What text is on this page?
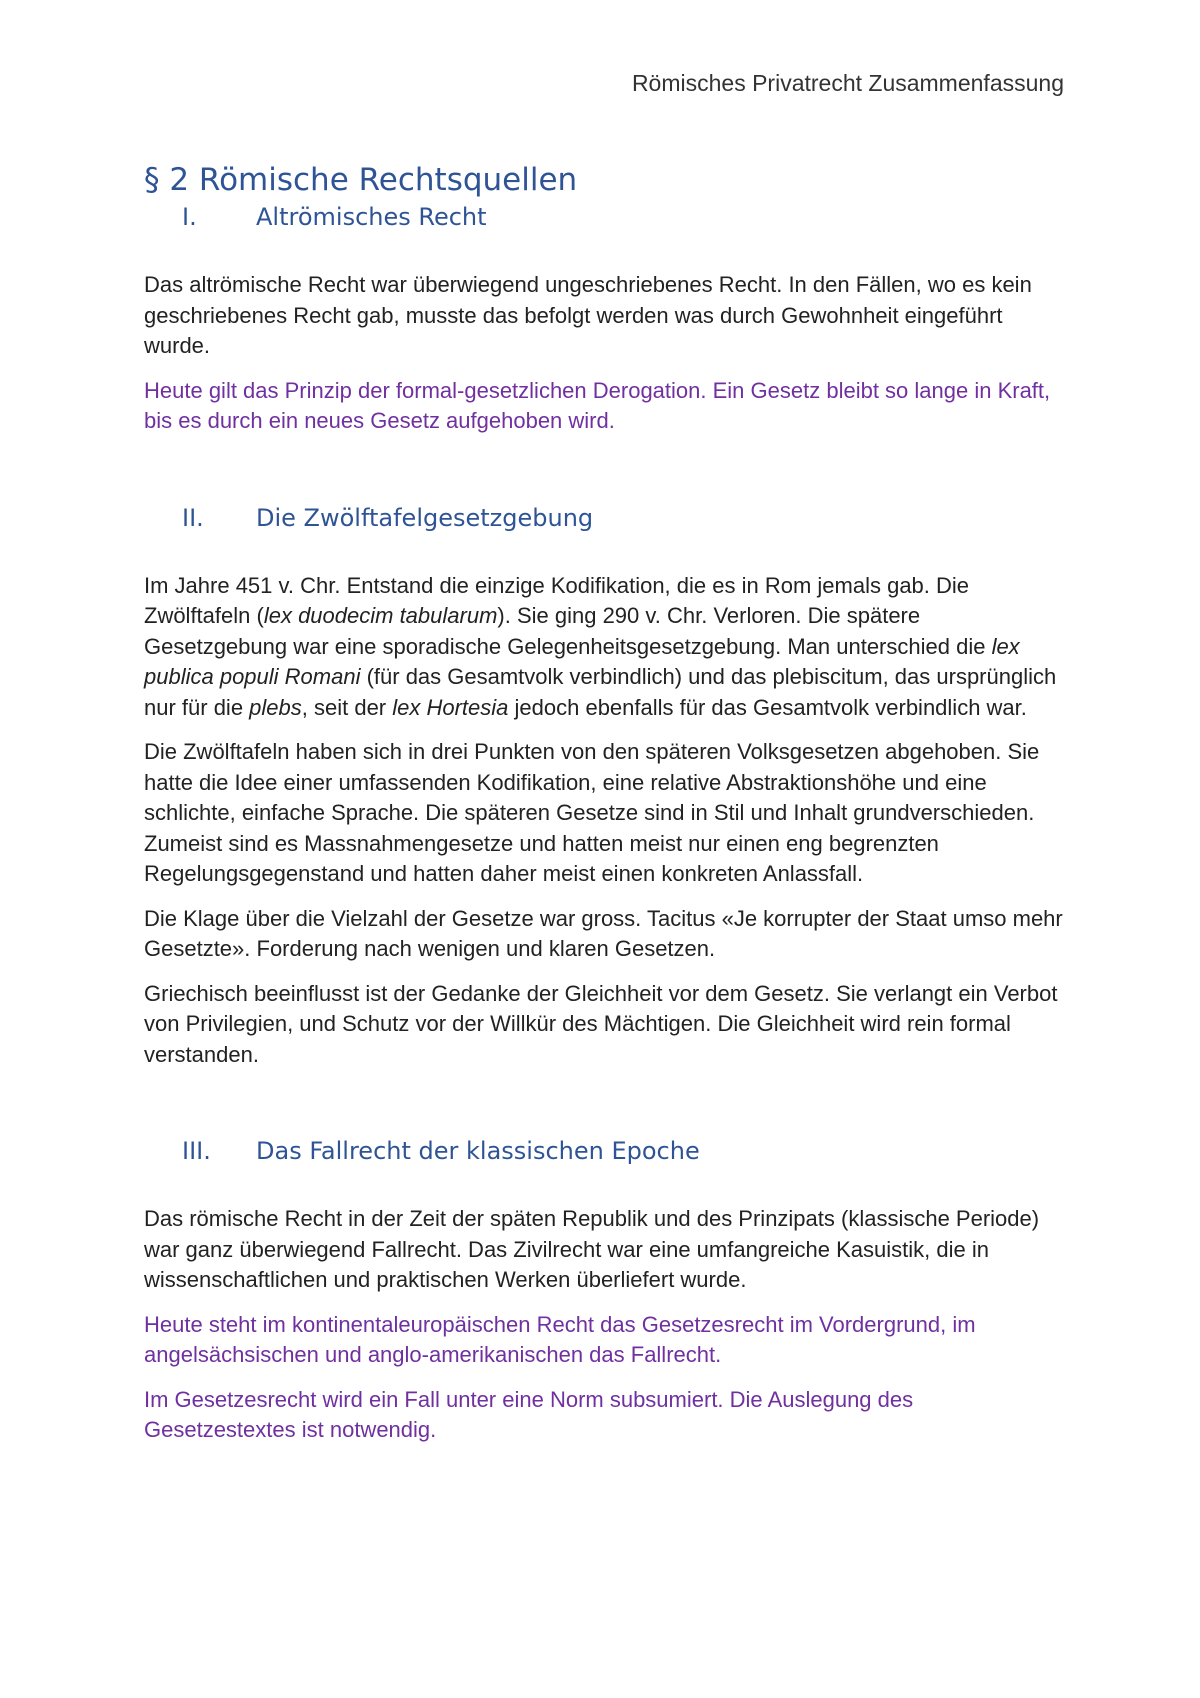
Römisches Privatrecht Zusammenfassung
§ 2 Römische Rechtsquellen
I.	Altrömisches Recht

Das altrömische Recht war überwiegend ungeschriebenes Recht. In den Fällen, wo es kein geschriebenes Recht gab, musste das befolgt werden was durch Gewohnheit eingeführt wurde.

Heute gilt das Prinzip der formal-gesetzlichen Derogation. Ein Gesetz bleibt so lange in Kraft, bis es durch ein neues Gesetz aufgehoben wird.

II.	Die Zwölftafelgesetzgebung

Im Jahre 451 v. Chr. Entstand die einzige Kodifikation, die es in Rom jemals gab. Die Zwölftafeln (lex duodecim tabularum). Sie ging 290 v. Chr. Verloren. Die spätere Gesetzgebung war eine sporadische Gelegenheitsgesetzgebung. Man unterschied die lex publica populi Romani (für das Gesamtvolk verbindlich) und das plebiscitum, das ursprünglich nur für die plebs, seit der lex Hortesia jedoch ebenfalls für das Gesamtvolk verbindlich war.

Die Zwölftafeln haben sich in drei Punkten von den späteren Volksgesetzen abgehoben. Sie hatte die Idee einer umfassenden Kodifikation, eine relative Abstraktionshöhe und eine schlichte, einfache Sprache. Die späteren Gesetze sind in Stil und Inhalt grundverschieden. Zumeist sind es Massnahmengesetze und hatten meist nur einen eng begrenzten Regelungsgegenstand und hatten daher meist einen konkreten Anlassfall.

Die Klage über die Vielzahl der Gesetze war gross. Tacitus «Je korrupter der Staat umso mehr Gesetzte». Forderung nach wenigen und klaren Gesetzen.

Griechisch beeinflusst ist der Gedanke der Gleichheit vor dem Gesetz. Sie verlangt ein Verbot von Privilegien, und Schutz vor der Willkür des Mächtigen. Die Gleichheit wird rein formal verstanden.

III.	Das Fallrecht der klassischen Epoche

Das römische Recht in der Zeit der späten Republik und des Prinzipats (klassische Periode) war ganz überwiegend Fallrecht. Das Zivilrecht war eine umfangreiche Kasuistik, die in wissenschaftlichen und praktischen Werken überliefert wurde.

Heute steht im kontinentaleuropäischen Recht das Gesetzesrecht im Vordergrund, im angelsächsischen und anglo-amerikanischen das Fallrecht.

Im Gesetzesrecht wird ein Fall unter eine Norm subsumiert. Die Auslegung des Gesetzestextes ist notwendig.
